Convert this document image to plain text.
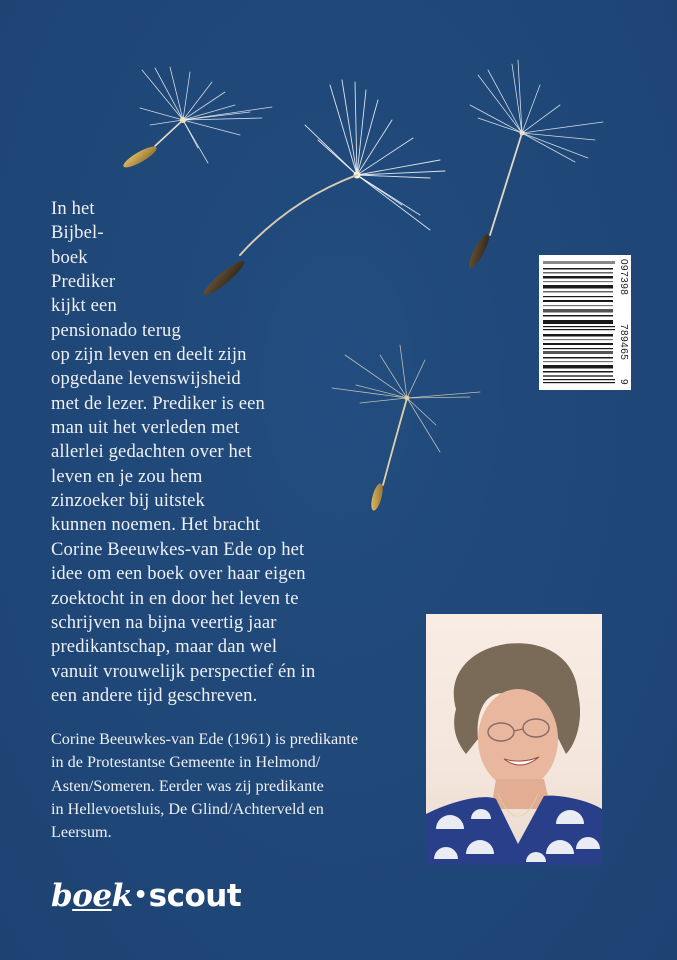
In het
Bijbel-
boek
Prediker
kijkt een
pensionado terug
op zijn leven en deelt zijn
opgedane levenswijsheid
met de lezer. Prediker is een
man uit het verleden met
allerlei gedachten over het
leven en je zou hem
zinzoeker bij uitstek
kunnen noemen. Het bracht
Corine Beeuwkes-van Ede op het
idee om een boek over haar eigen
zoektocht in en door het leven te
schrijven na bijna veertig jaar
predikantschap, maar dan wel
vanuit vrouwelijk perspectief én in
een andere tijd geschreven.
097398
789465
9
Corine Beeuwkes-van Ede (1961) is predikante
in de Protestantse Gemeente in Helmond/
Asten/Someren. Eerder was zij predikante
in Hellevoetsluis, De Glind/Achterveld en
Leersum.
boek•scout
